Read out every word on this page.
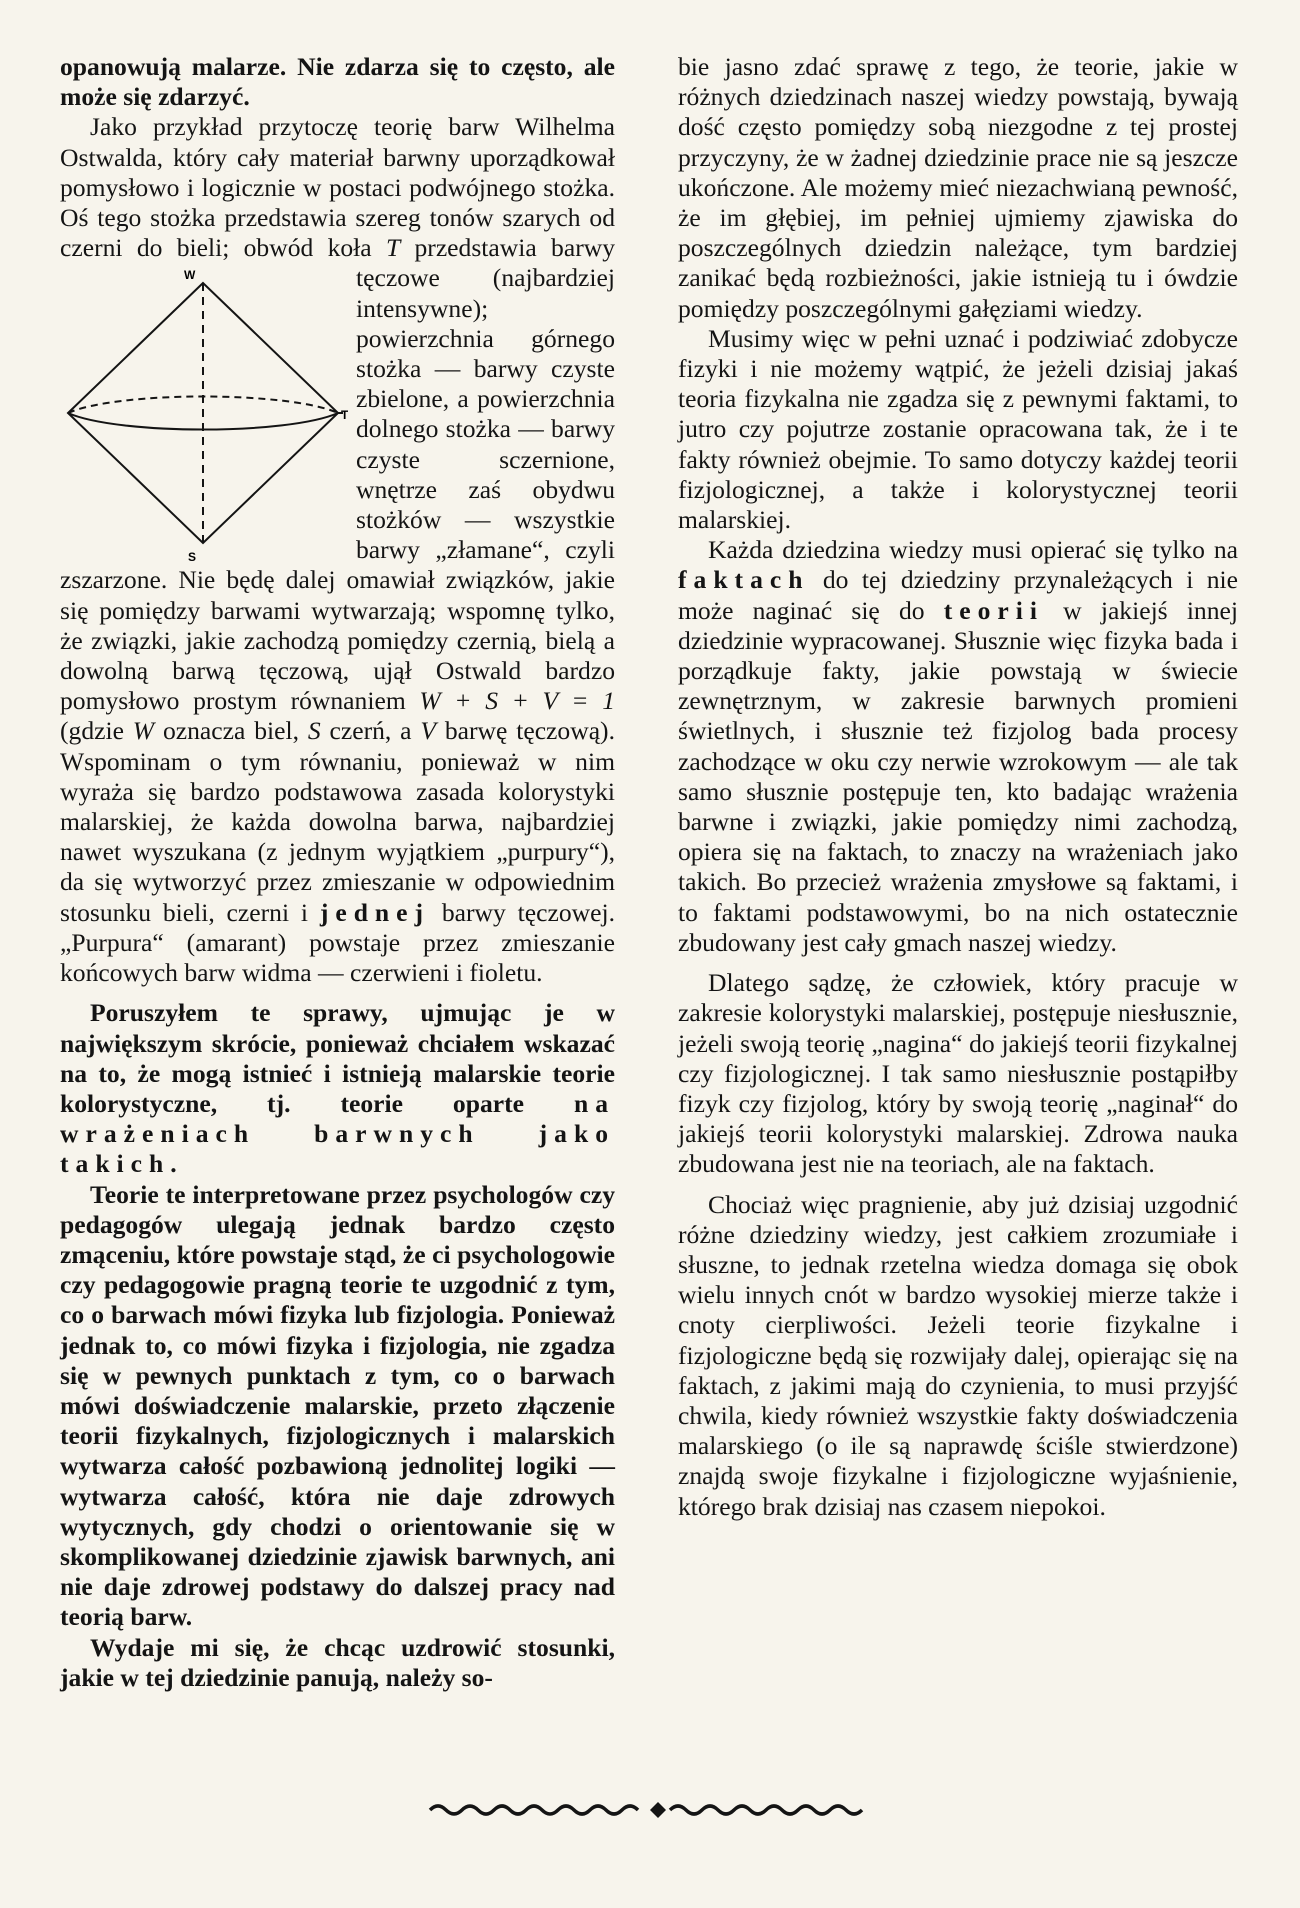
opanowują malarze. Nie zdarza się to często, ale może się zdarzyć.

Jako przykład przytoczę teorię barw Wilhelma Ostwalda, który cały materiał barwny uporządkował pomysłowo i logicznie w postaci podwójnego stożka. Oś tego stożka przedstawia szereg tonów szarych od czerni do bieli; obwód koła
W
S
T
T przedstawia barwy tęczowe (najbardziej intensywne); powierzchnia górnego stożka — barwy czyste zbielone, a powierzchnia dolnego stożka — barwy czyste sczernione, wnętrze zaś obydwu stożków — wszystkie barwy „złamane“, czyli zszarzone. Nie będę dalej omawiał związków, jakie się pomiędzy barwami wytwarzają; wspomnę tylko, że związki, jakie zachodzą pomiędzy czernią, bielą a dowolną barwą tęczową, ujął Ostwald bardzo pomysłowo prostym równaniem W + S + V = 1 (gdzie W oznacza biel, S czerń, a V barwę tęczową). Wspominam o tym równaniu, ponieważ w nim wyraża się bardzo podstawowa zasada kolorystyki malarskiej, że każda dowolna barwa, najbardziej nawet wyszukana (z jednym wyjątkiem „purpury“), da się wytworzyć przez zmieszanie w odpowiednim stosunku bieli, czerni i jednej barwy tęczowej. „Purpura“ (amarant) powstaje przez zmieszanie końcowych barw widma — czerwieni i fioletu.

Poruszyłem te sprawy, ujmując je w największym skrócie, ponieważ chciałem wskazać na to, że mogą istnieć i istnieją malarskie teorie kolorystyczne, tj. teorie oparte na wrażeniach barwnych jako takich.

Teorie te interpretowane przez psychologów czy pedagogów ulegają jednak bardzo często zmąceniu, które powstaje stąd, że ci psychologowie czy pedagogowie pragną teorie te uzgodnić z tym, co o barwach mówi fizyka lub fizjologia. Ponieważ jednak to, co mówi fizyka i fizjologia, nie zgadza się w pewnych punktach z tym, co o barwach mówi doświadczenie malarskie, przeto złączenie teorii fizykalnych, fizjologicznych i malarskich wytwarza całość pozbawioną jednolitej logiki — wytwarza całość, która nie daje zdrowych wytycznych, gdy chodzi o orientowanie się w skomplikowanej dziedzinie zjawisk barwnych, ani nie daje zdrowej podstawy do dalszej pracy nad teorią barw.

Wydaje mi się, że chcąc uzdrowić stosunki, jakie w tej dziedzinie panują, należy so-

bie jasno zdać sprawę z tego, że teorie, jakie w różnych dziedzinach naszej wiedzy powstają, bywają dość często pomiędzy sobą niezgodne z tej prostej przyczyny, że w żadnej dziedzinie prace nie są jeszcze ukończone. Ale możemy mieć niezachwianą pewność, że im głębiej, im pełniej ujmiemy zjawiska do poszczególnych dziedzin należące, tym bardziej zanikać będą rozbieżności, jakie istnieją tu i ówdzie pomiędzy poszczególnymi gałęziami wiedzy.

Musimy więc w pełni uznać i podziwiać zdobycze fizyki i nie możemy wątpić, że jeżeli dzisiaj jakaś teoria fizykalna nie zgadza się z pewnymi faktami, to jutro czy pojutrze zostanie opracowana tak, że i te fakty również obejmie. To samo dotyczy każdej teorii fizjologicznej, a także i kolorystycznej teorii malarskiej.

Każda dziedzina wiedzy musi opierać się tylko na faktach do tej dziedziny przynależących i nie może naginać się do teorii w jakiejś innej dziedzinie wypracowanej. Słusznie więc fizyka bada i porządkuje fakty, jakie powstają w świecie zewnętrznym, w zakresie barwnych promieni świetlnych, i słusznie też fizjolog bada procesy zachodzące w oku czy nerwie wzrokowym — ale tak samo słusznie postępuje ten, kto badając wrażenia barwne i związki, jakie pomiędzy nimi zachodzą, opiera się na faktach, to znaczy na wrażeniach jako takich. Bo przecież wrażenia zmysłowe są faktami, i to faktami podstawowymi, bo na nich ostatecznie zbudowany jest cały gmach naszej wiedzy.

Dlatego sądzę, że człowiek, który pracuje w zakresie kolorystyki malarskiej, postępuje niesłusznie, jeżeli swoją teorię „nagina“ do jakiejś teorii fizykalnej czy fizjologicznej. I tak samo niesłusznie postąpiłby fizyk czy fizjolog, który by swoją teorię „naginał“ do jakiejś teorii kolorystyki malarskiej. Zdrowa nauka zbudowana jest nie na teoriach, ale na faktach.

Chociaż więc pragnienie, aby już dzisiaj uzgodnić różne dziedziny wiedzy, jest całkiem zrozumiałe i słuszne, to jednak rzetelna wiedza domaga się obok wielu innych cnót w bardzo wysokiej mierze także i cnoty cierpliwości. Jeżeli teorie fizykalne i fizjologiczne będą się rozwijały dalej, opierając się na faktach, z jakimi mają do czynienia, to musi przyjść chwila, kiedy również wszystkie fakty doświadczenia malarskiego (o ile są naprawdę ściśle stwierdzone) znajdą swoje fizykalne i fizjologiczne wyjaśnienie, którego brak dzisiaj nas czasem niepokoi.
